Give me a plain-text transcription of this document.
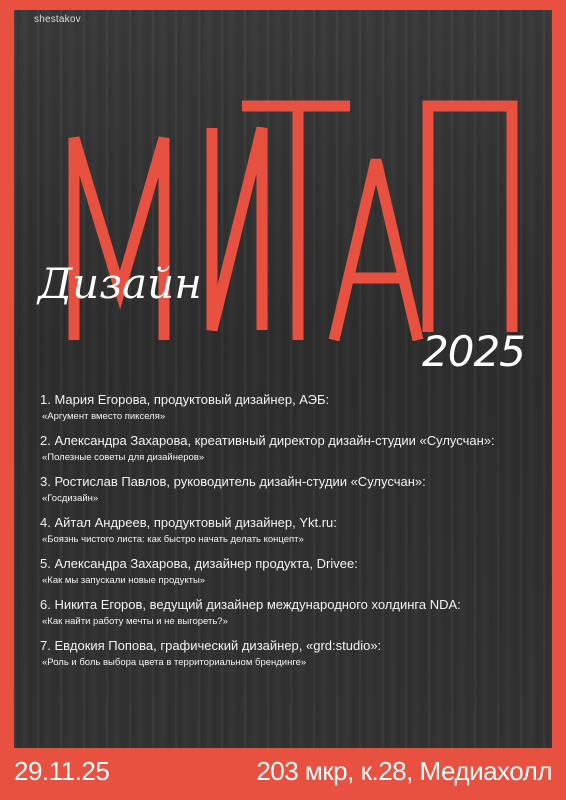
shestakov
Дизайн
2025
1. Мария Егорова, продуктовый дизайнер, АЭБ:
«Аргумент вместо пикселя»
2. Александра Захарова, креативный директор дизайн-студии «Сулусчан»:
«Полезные советы для дизайнеров»
3. Ростислав Павлов, руководитель дизайн-студии «Сулусчан»:
«Госдизайн»
4. Айтал Андреев, продуктовый дизайнер, Ykt.ru:
«Боязнь чистого листа: как быстро начать делать концепт»
5. Александра Захарова, дизайнер продукта, Drivee:
«Как мы запускали новые продукты»
6. Никита Егоров, ведущий дизайнер международного холдинга NDA:
«Как найти работу мечты и не выгореть?»
7. Евдокия Попова, графический дизайнер, «grd:studio»:
«Роль и боль выбора цвета в территориальном брендинге»
29.11.25	203 мкр, к.28, Медиахолл
